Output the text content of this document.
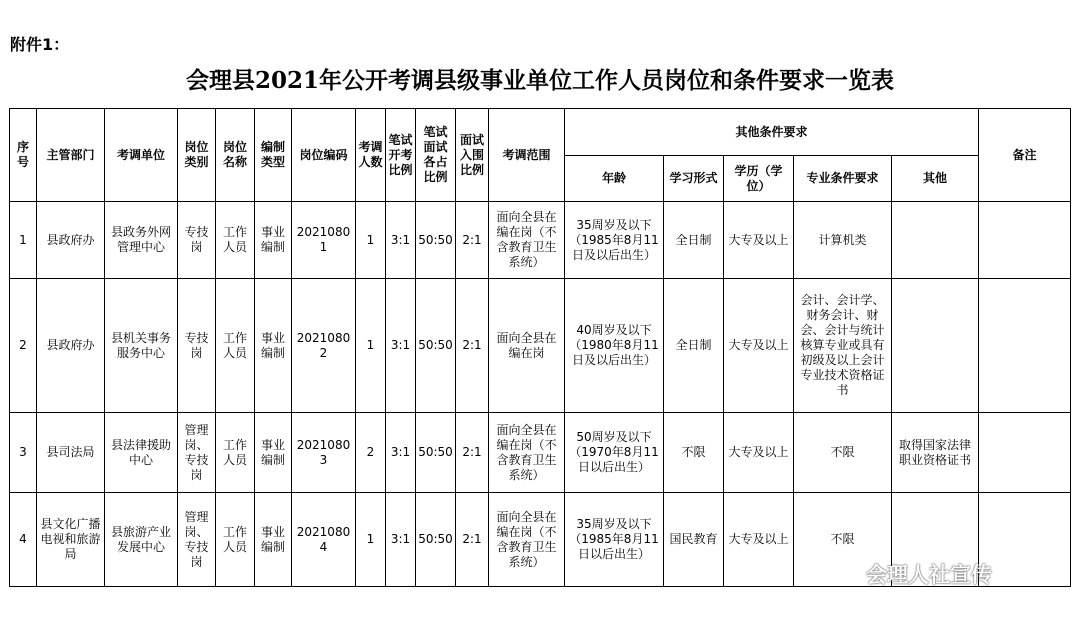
附件1：
会理县2021年公开考调县级事业单位工作人员岗位和条件要求一览表
序号	主管部门	考调单位	岗位类别	岗位名称	编制类型	岗位编码	考调人数	笔试开考比例	笔试面试各占比例	面试入围比例	考调范围	其他条件要求					备注
												年龄	学习形式	学历（学位）	专业条件要求	其他	
1	县政府办	县政务外网管理中心	专技岗	工作人员	事业编制	20210801	1	3:1	50:50	2:1	面向全县在编在岗（不含教育卫生系统）	35周岁及以下（1985年8月11日及以后出生）	全日制	大专及以上	计算机类		
2	县政府办	县机关事务服务中心	专技岗	工作人员	事业编制	20210802	1	3:1	50:50	2:1	面向全县在编在岗	40周岁及以下（1980年8月11日及以后出生）	全日制	大专及以上	会计、会计学、财务会计、财会、会计与统计核算专业或具有初级及以上会计专业技术资格证书		
3	县司法局	县法律援助中心	管理岗、专技岗	工作人员	事业编制	20210803	2	3:1	50:50	2:1	面向全县在编在岗（不含教育卫生系统）	50周岁及以下（1970年8月11日以后出生）	不限	大专及以上	不限	取得国家法律职业资格证书	
4	县文化广播电视和旅游局	县旅游产业发展中心	管理岗、专技岗	工作人员	事业编制	20210804	1	3:1	50:50	2:1	面向全县在编在岗（不含教育卫生系统）	35周岁及以下（1985年8月11日以后出生）	国民教育	大专及以上	不限		
会理人社宣传
